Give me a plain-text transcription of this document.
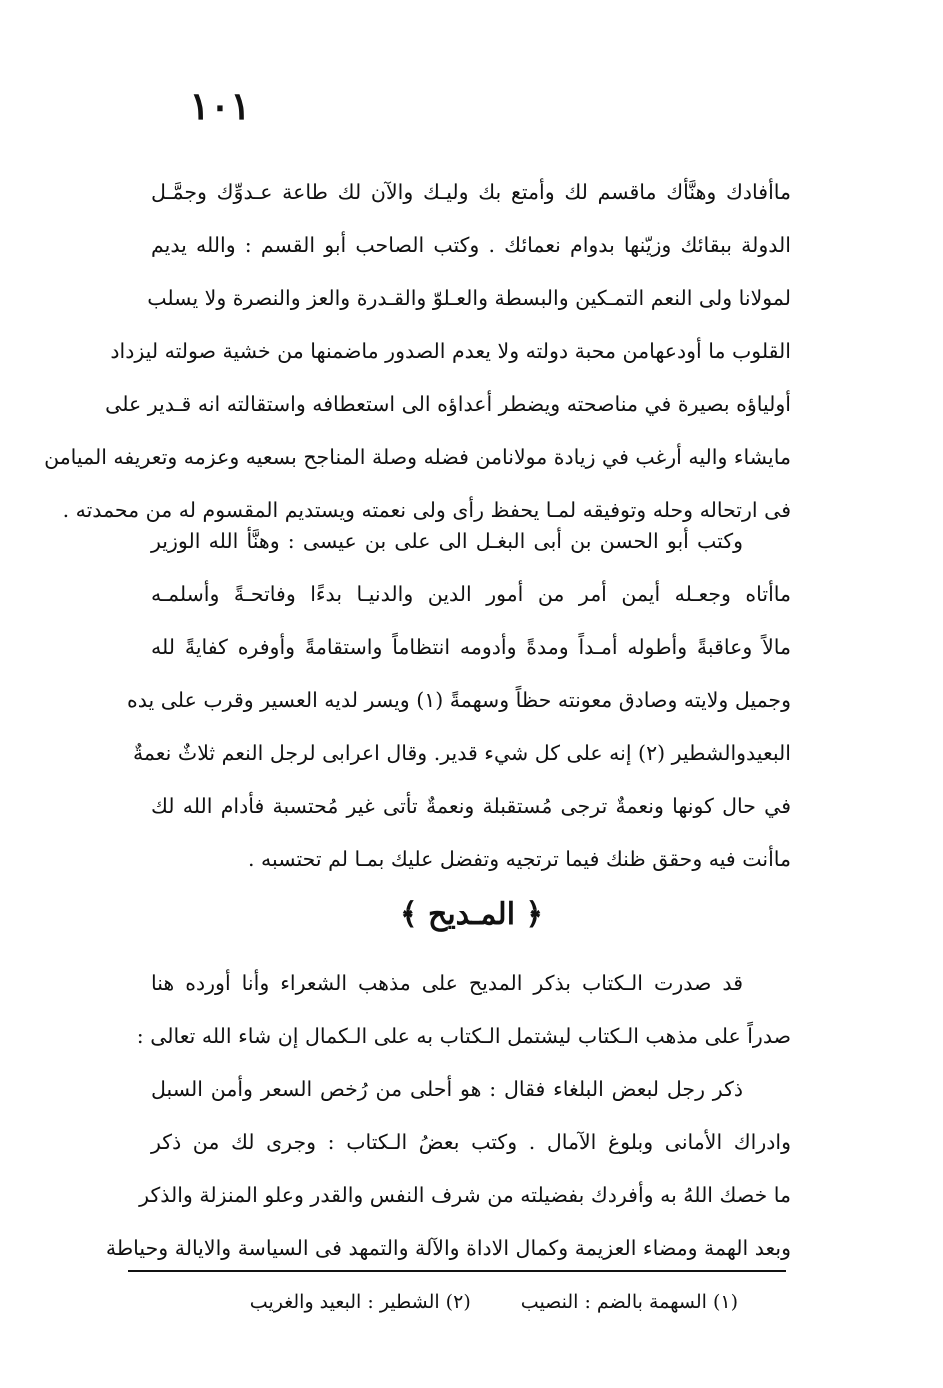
١٠١
ماأفادك وهنَّأك ماقسم لك وأمتع بك وليـك والآن لك طاعة عـدوِّك وجمَّـل
الدولة ببقائك وزيّنها بدوام نعمائك . وكتب الصاحب أبو القسم : والله يديم
لمولانا ولى النعم التمـكين والبسطة والعـلوّ والقـدرة والعز والنصرة ولا يسلب
القلوب ما أودعهامن محبة دولته ولا يعدم الصدور ماضمنها من خشية صولته ليزداد
أولياؤه بصيرة في مناصحته ويضطر أعداؤه الى استعطافه واستقالته انه قـدير على
مايشاء واليه أرغب في زيادة مولانامن فضله وصلة المناجح بسعيه وعزمه وتعريفه الميامن
فى ارتحاله وحله وتوفيقه لمـا يحفظ رأى ولى نعمته ويستديم المقسوم له من محمدته .
وكتب أبو الحسن بن أبى البغـل الى على بن عيسى : وهنَّأ الله الوزير
ماأتاه وجعـله أيمن أمر من أمور الدين والدنيـا بدءًا وفاتحـةً وأسلمـه
مالاً وعاقبةً وأطوله أمـداً ومدةً وأدومه انتظاماً واستقامةً وأوفره كفايةً لله
وجميل ولايته وصادق معونته حظاً وسهمةً (١) ويسر لديه العسير وقرب على يده
البعيدوالشطير (٢) إنه على كل شيء قدير. وقال اعرابى لرجل النعم ثلاثٌ نعمةٌ
في حال كونها ونعمةٌ ترجى مُستقبلة ونعمةٌ تأتى غير مُحتسبة فأدام الله لك
ماأنت فيه وحقق ظنك فيما ترتجيه وتفضل عليك بمـا لم تحتسبه .
﴿ المـديح ﴾
قد صدرت الـكتاب بذكر المديح على مذهب الشعراء وأنا أورده هنا
صدراً على مذهب الـكتاب ليشتمل الـكتاب به على الـكمال إن شاء الله تعالى :
ذكر رجل لبعض البلغاء فقال : هو أحلى من رُخص السعر وأمن السبل
وادراك الأمانى وبلوغ الآمال . وكتب بعضُ الـكتاب : وجرى لك من ذكر
ما خصك اللهُ به وأفردك بفضيلته من شرف النفس والقدر وعلو المنزلة والذكر
وبعد الهمة ومضاء العزيمة وكمال الاداة والآلة والتمهد فى السياسة والايالة وحياطة
(١) السهمة بالضم : النصيب (٢) الشطير : البعيد والغريب
